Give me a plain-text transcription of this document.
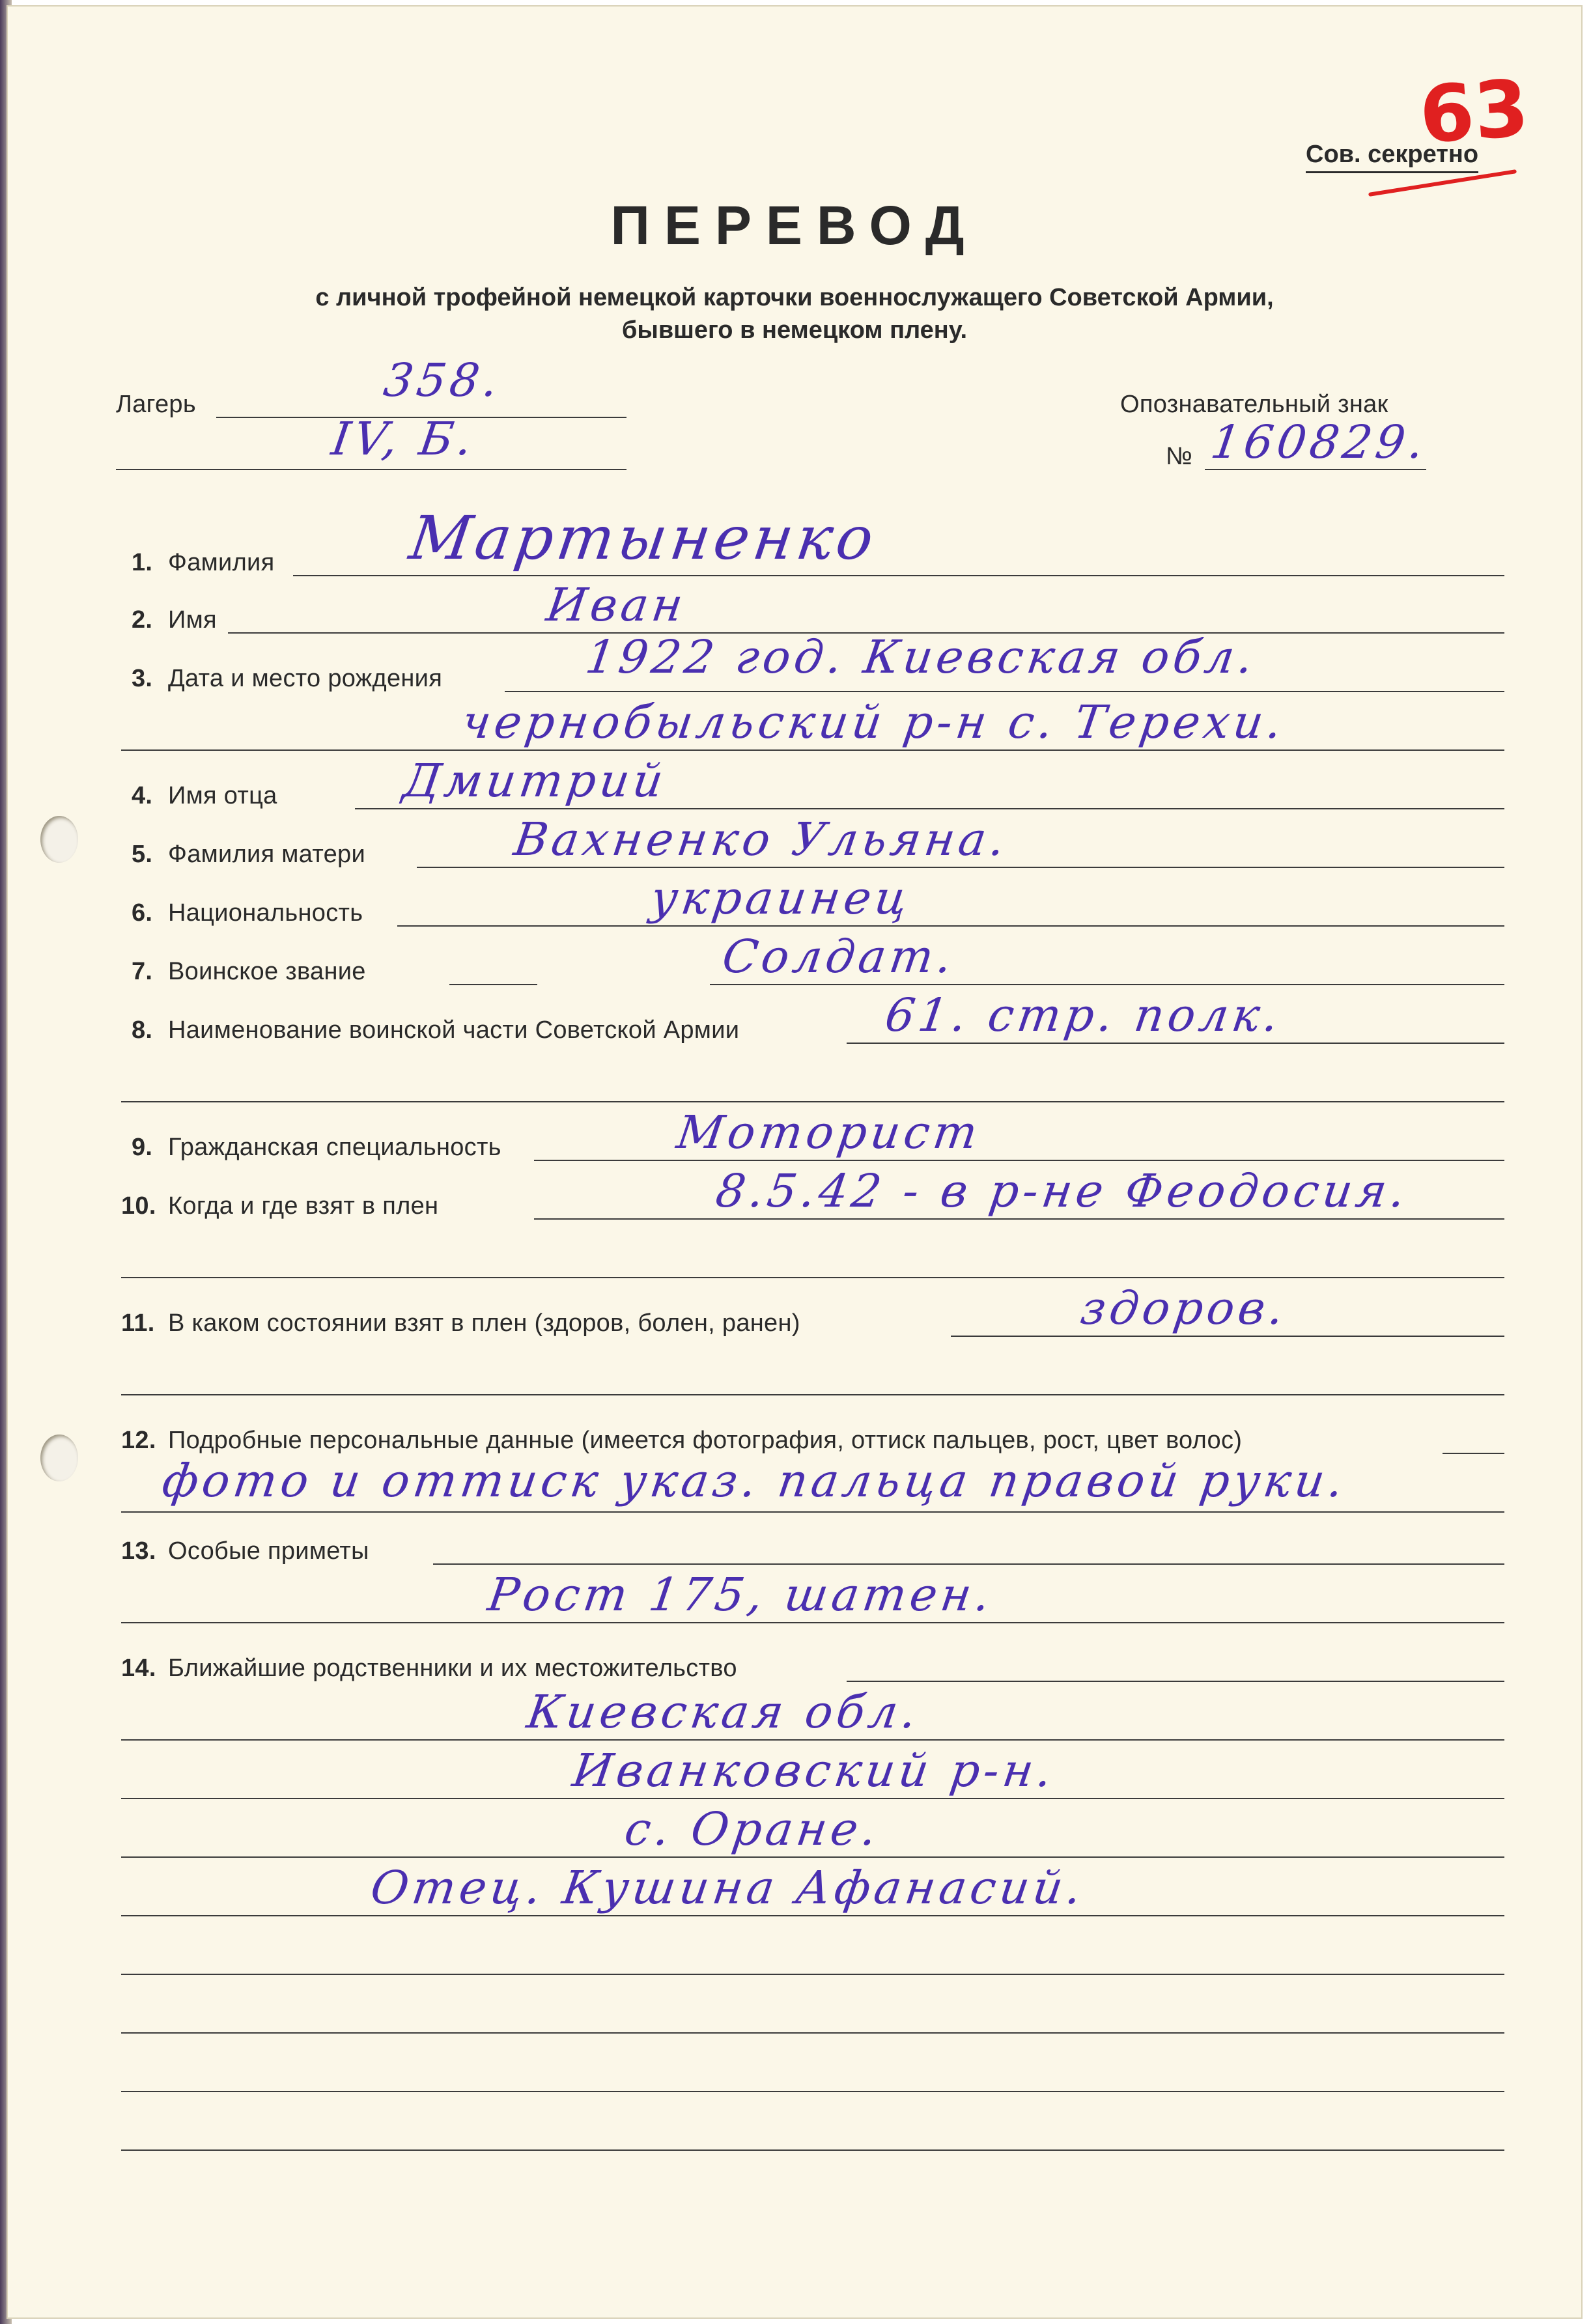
63
Сов. секретно
ПЕРЕВОД
с личной трофейной немецкой карточки военнослужащего Советской Армии,
бывшего в немецком плену.
Лагерь	358.
IV, Б.
Опознавательный знак
№ 160829.
1. Фамилия Мартыненко
2. Имя	Иван
3. Дата и место рождения	1922 год. Киевская обл.
чернобыльский р-н с. Терехи.
4. Имя отца	Дмитрий
5. Фамилия матери	Вахненко Ульяна.
6. Национальность	украинец
7. Воинское звание	Солдат.
8. Наименование воинской части Советской Армии	61. стр. полк.
9. Гражданская специальность	Моторист
10. Когда и где взят в плен	8.5.42 - в р-не Феодосия.
11. В каком состоянии взят в плен (здоров, болен, ранен)	здоров.
12. Подробные персональные данные (имеется фотография, оттиск пальцев, рост, цвет волос)
фото и оттиск указ. пальца правой руки.
13. Особые приметы
Рост 175, шатен.
14. Ближайшие родственники и их местожительство
Киевская обл.
Иванковский р-н.
с. Оране.
Отец. Кушина Афанасий.
